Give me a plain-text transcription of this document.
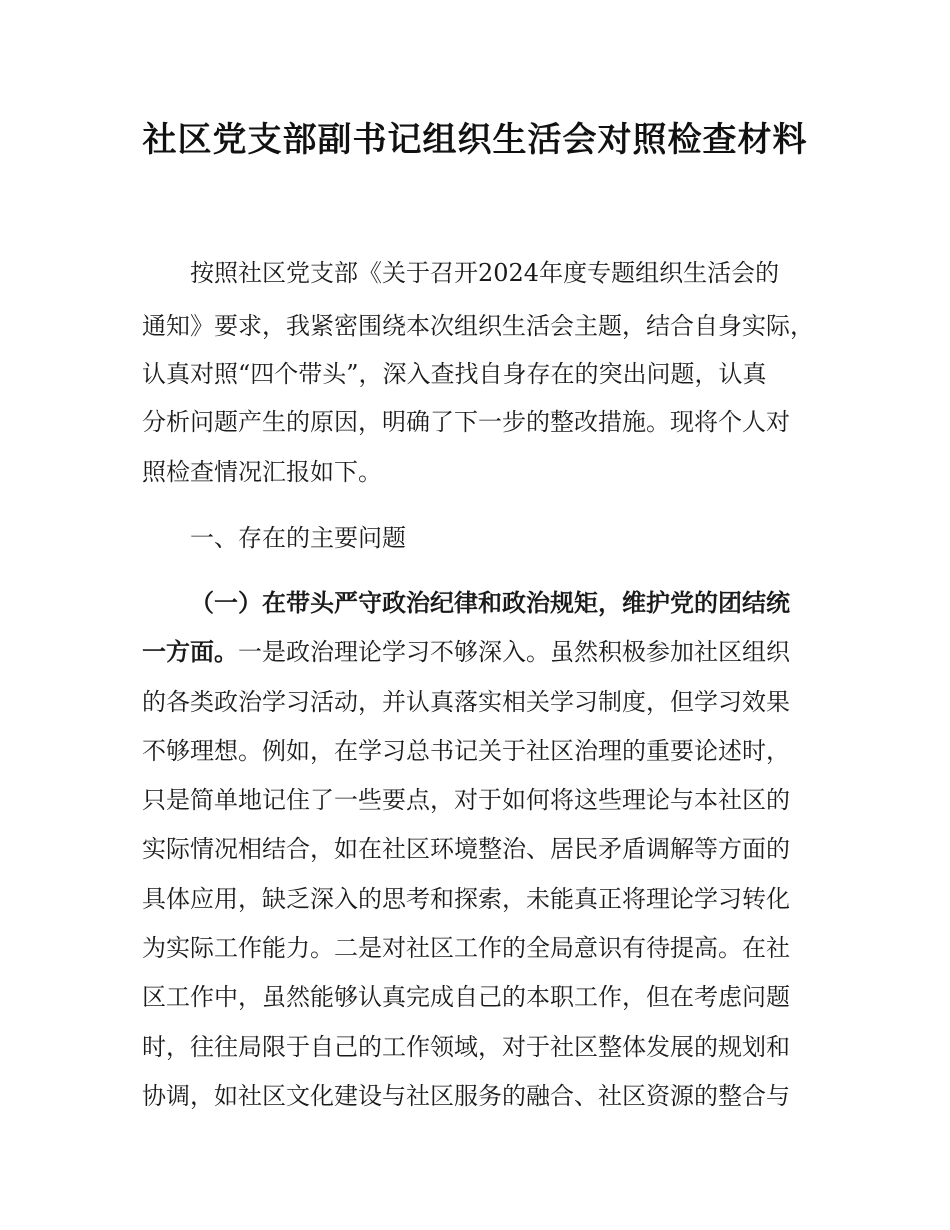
社区党支部副书记组织生活会对照检查材料
按照社区党支部《关于召开2024年度专题组织生活会的
通知》要求，我紧密围绕本次组织生活会主题，结合自身实际，
认真对照“四个带头”，深入查找自身存在的突出问题，认真
分析问题产生的原因，明确了下一步的整改措施。现将个人对
照检查情况汇报如下。
一、存在的主要问题
（一）在带头严守政治纪律和政治规矩，维护党的团结统
一方面。一是政治理论学习不够深入。虽然积极参加社区组织
的各类政治学习活动，并认真落实相关学习制度，但学习效果
不够理想。例如，在学习总书记关于社区治理的重要论述时，
只是简单地记住了一些要点，对于如何将这些理论与本社区的
实际情况相结合，如在社区环境整治、居民矛盾调解等方面的
具体应用，缺乏深入的思考和探索，未能真正将理论学习转化
为实际工作能力。二是对社区工作的全局意识有待提高。在社
区工作中，虽然能够认真完成自己的本职工作，但在考虑问题
时，往往局限于自己的工作领域，对于社区整体发展的规划和
协调，如社区文化建设与社区服务的融合、社区资源的整合与
